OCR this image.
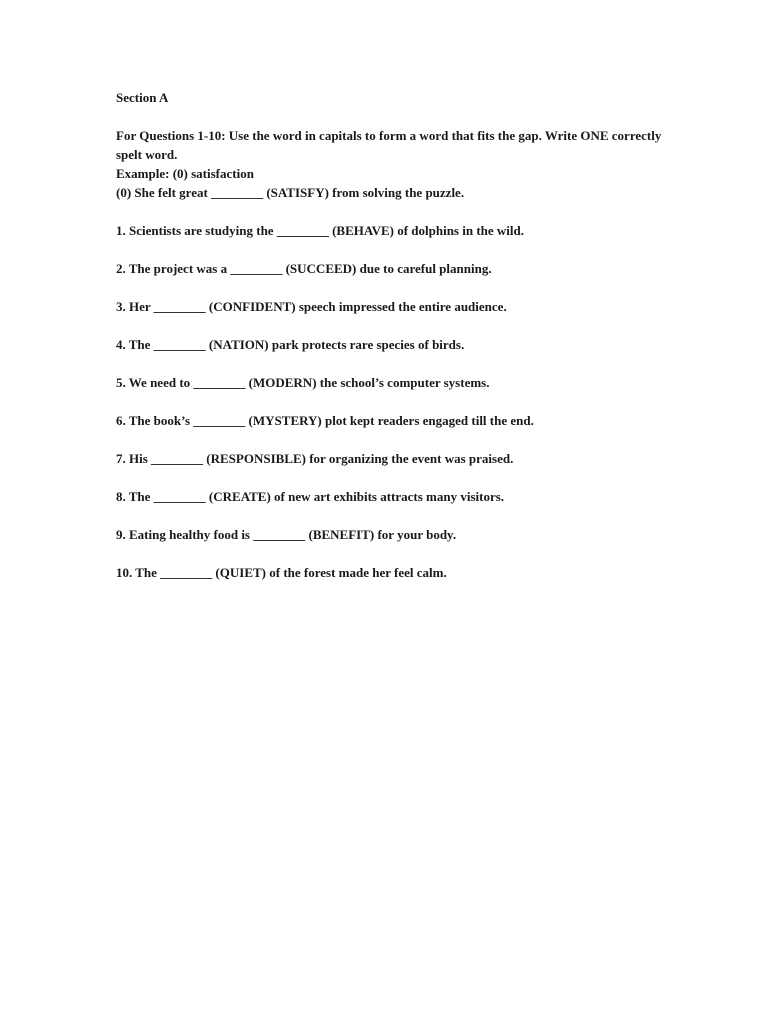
Section A

For Questions 1-10: Use the word in capitals to form a word that fits the gap. Write ONE correctly spelt word.

Example: (0) satisfaction

(0) She felt great ________ (SATISFY) from solving the puzzle.

1. Scientists are studying the ________ (BEHAVE) of dolphins in the wild.

2. The project was a ________ (SUCCEED) due to careful planning.

3. Her ________ (CONFIDENT) speech impressed the entire audience.

4. The ________ (NATION) park protects rare species of birds.

5. We need to ________ (MODERN) the school’s computer systems.

6. The book’s ________ (MYSTERY) plot kept readers engaged till the end.

7. His ________ (RESPONSIBLE) for organizing the event was praised.

8. The ________ (CREATE) of new art exhibits attracts many visitors.

9. Eating healthy food is ________ (BENEFIT) for your body.

10. The ________ (QUIET) of the forest made her feel calm.
